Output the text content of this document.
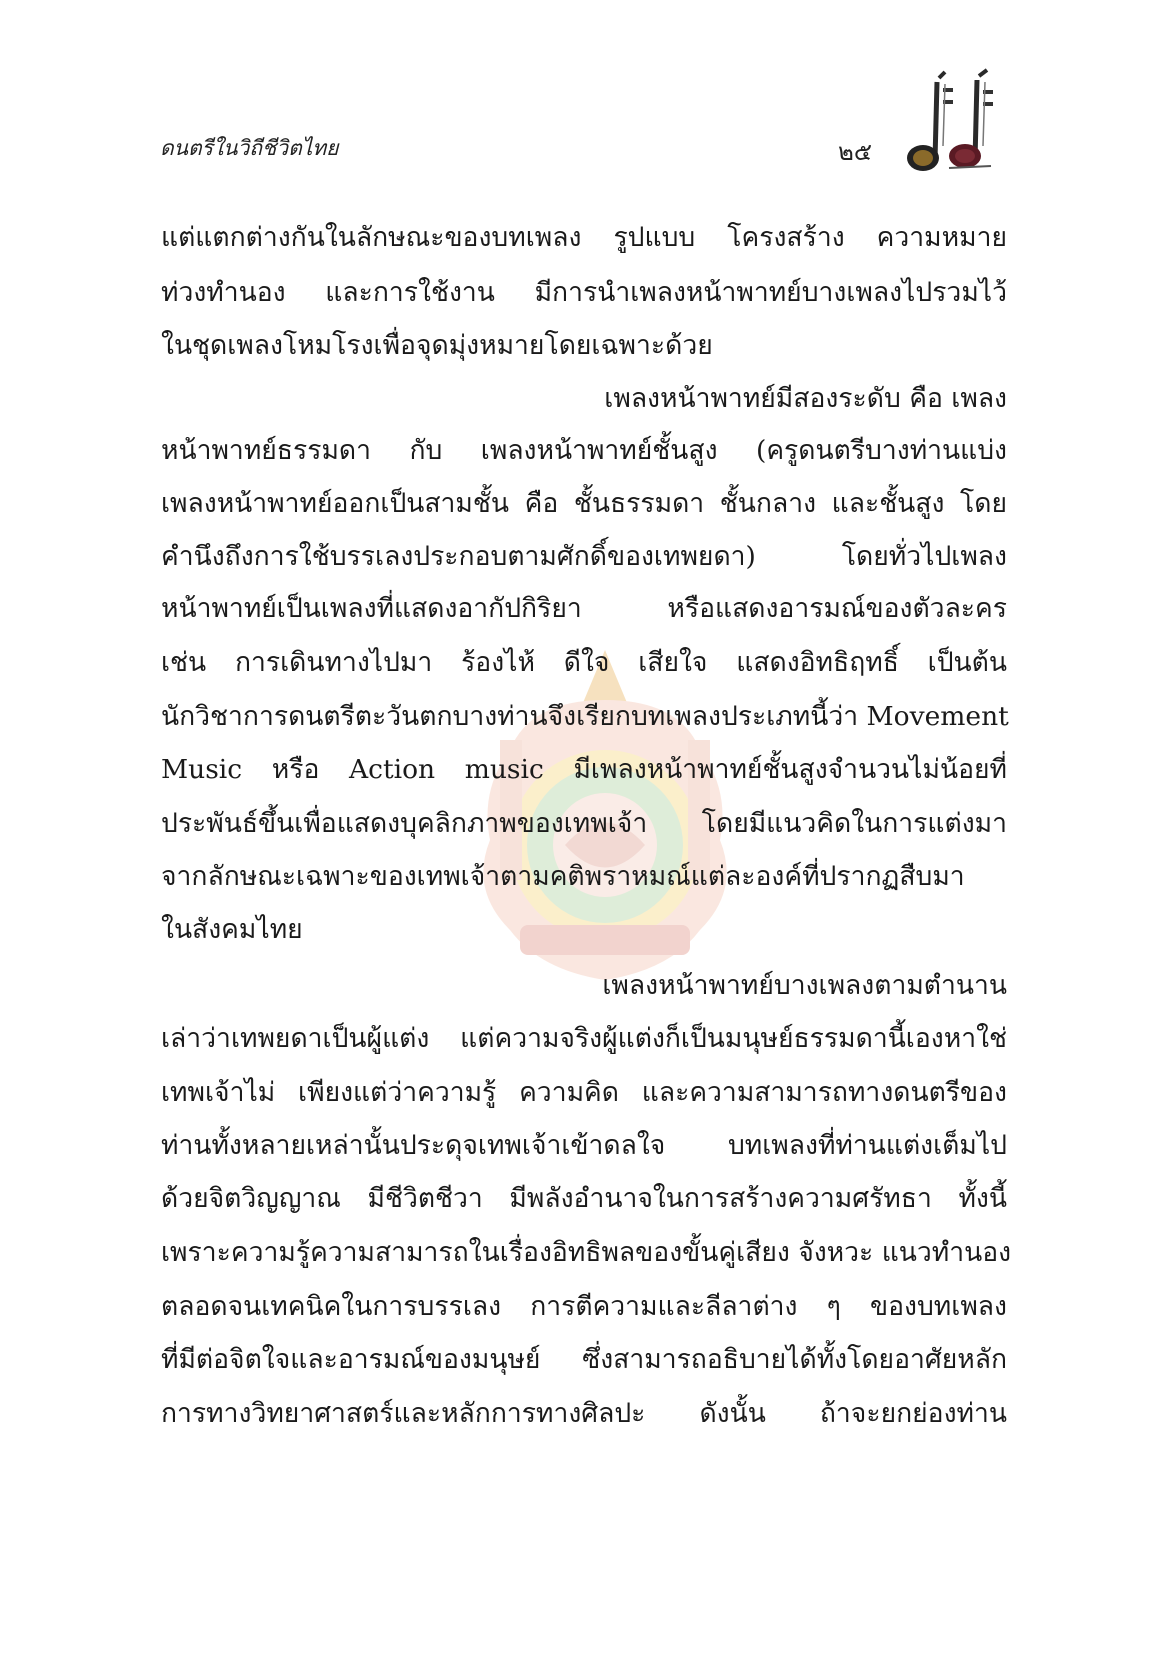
ดนตรีในวิถีชีวิตไทย	๒๕
แต่แตกต่างกันในลักษณะของบทเพลง รูปแบบ โครงสร้าง ความหมาย
ท่วงทำนอง และการใช้งาน มีการนำเพลงหน้าพาทย์บางเพลงไปรวมไว้
ในชุดเพลงโหมโรงเพื่อจุดมุ่งหมายโดยเฉพาะด้วย
เพลงหน้าพาทย์มีสองระดับ คือ เพลง
หน้าพาทย์ธรรมดา กับ เพลงหน้าพาทย์ชั้นสูง (ครูดนตรีบางท่านแบ่ง
เพลงหน้าพาทย์ออกเป็นสามชั้น คือ ชั้นธรรมดา ชั้นกลาง และชั้นสูง โดย
คำนึงถึงการใช้บรรเลงประกอบตามศักดิ์ของเทพยดา) โดยทั่วไปเพลง
หน้าพาทย์เป็นเพลงที่แสดงอากัปกิริยา หรือแสดงอารมณ์ของตัวละคร
เช่น การเดินทางไปมา ร้องไห้ ดีใจ เสียใจ แสดงอิทธิฤทธิ์ เป็นต้น
นักวิชาการดนตรีตะวันตกบางท่านจึงเรียกบทเพลงประเภทนี้ว่า Movement
Music หรือ Action music มีเพลงหน้าพาทย์ชั้นสูงจำนวนไม่น้อยที่
ประพันธ์ขึ้นเพื่อแสดงบุคลิกภาพของเทพเจ้า โดยมีแนวคิดในการแต่งมา
จากลักษณะเฉพาะของเทพเจ้าตามคติพราหมณ์แต่ละองค์ที่ปรากฏสืบมา
ในสังคมไทย
เพลงหน้าพาทย์บางเพลงตามตำนาน
เล่าว่าเทพยดาเป็นผู้แต่ง แต่ความจริงผู้แต่งก็เป็นมนุษย์ธรรมดานี้เองหาใช่
เทพเจ้าไม่ เพียงแต่ว่าความรู้ ความคิด และความสามารถทางดนตรีของ
ท่านทั้งหลายเหล่านั้นประดุจเทพเจ้าเข้าดลใจ บทเพลงที่ท่านแต่งเต็มไป
ด้วยจิตวิญญาณ มีชีวิตชีวา มีพลังอำนาจในการสร้างความศรัทธา ทั้งนี้
เพราะความรู้ความสามารถในเรื่องอิทธิพลของขั้นคู่เสียง จังหวะ แนวทำนอง
ตลอดจนเทคนิคในการบรรเลง การตีความและลีลาต่าง ๆ ของบทเพลง
ที่มีต่อจิตใจและอารมณ์ของมนุษย์ ซึ่งสามารถอธิบายได้ทั้งโดยอาศัยหลัก
การทางวิทยาศาสตร์และหลักการทางศิลปะ ดังนั้น ถ้าจะยกย่องท่าน
